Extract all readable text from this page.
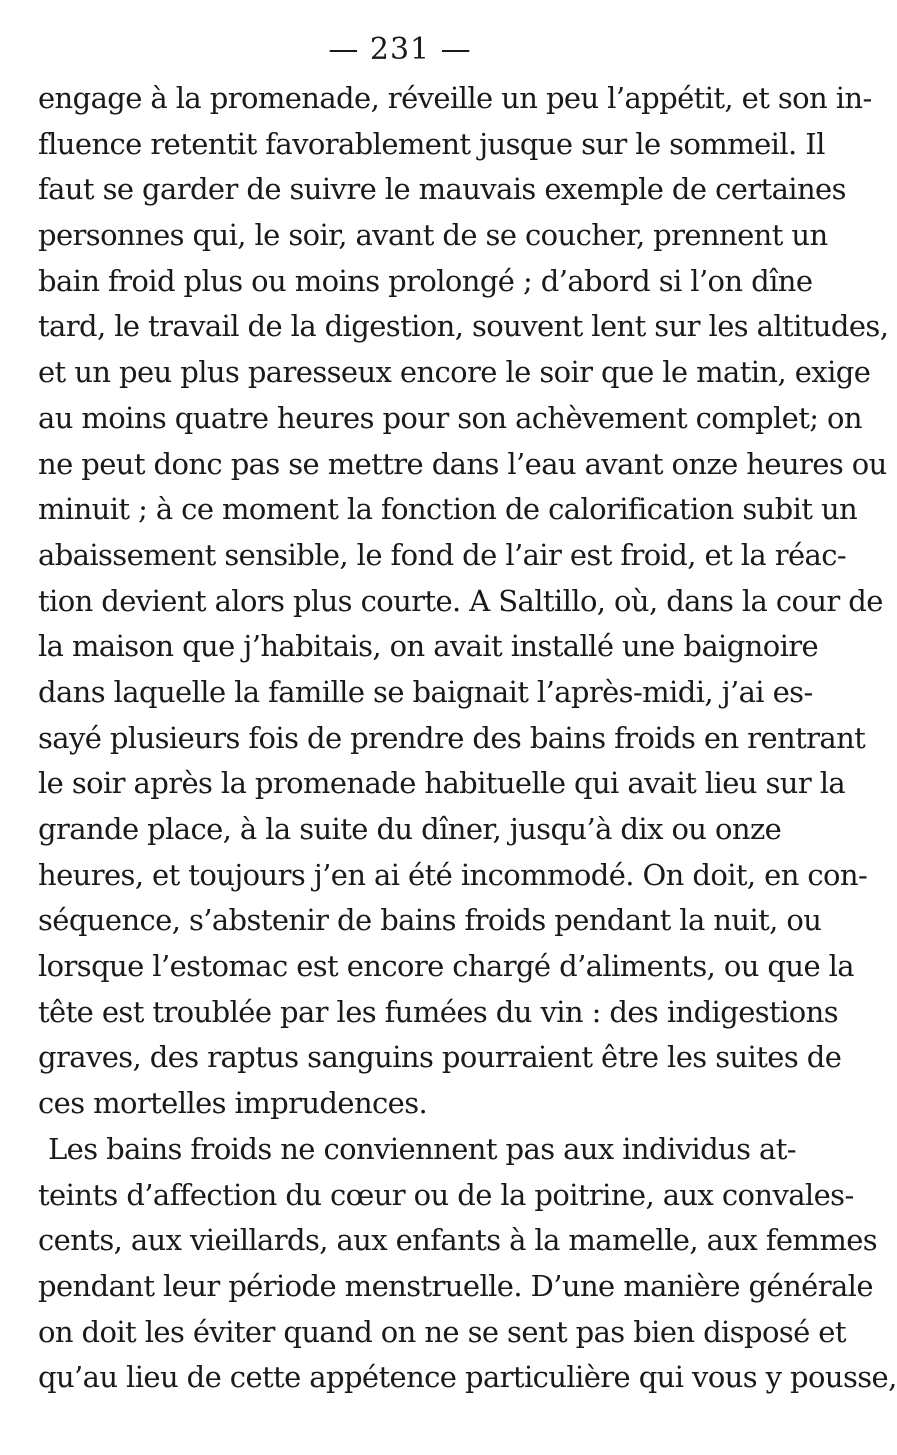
— 231 —
engage à la promenade, réveille un peu l’appétit, et son in-
fluence retentit favorablement jusque sur le sommeil. Il
faut se garder de suivre le mauvais exemple de certaines
personnes qui, le soir, avant de se coucher, prennent un
bain froid plus ou moins prolongé ; d’abord si l’on dîne
tard, le travail de la digestion, souvent lent sur les altitudes,
et un peu plus paresseux encore le soir que le matin, exige
au moins quatre heures pour son achèvement complet; on
ne peut donc pas se mettre dans l’eau avant onze heures ou
minuit ; à ce moment la fonction de calorification subit un
abaissement sensible, le fond de l’air est froid, et la réac-
tion devient alors plus courte. A Saltillo, où, dans la cour de
la maison que j’habitais, on avait installé une baignoire
dans laquelle la famille se baignait l’après-midi, j’ai es-
sayé plusieurs fois de prendre des bains froids en rentrant
le soir après la promenade habituelle qui avait lieu sur la
grande place, à la suite du dîner, jusqu’à dix ou onze
heures, et toujours j’en ai été incommodé. On doit, en con-
séquence, s’abstenir de bains froids pendant la nuit, ou
lorsque l’estomac est encore chargé d’aliments, ou que la
tête est troublée par les fumées du vin : des indigestions
graves, des raptus sanguins pourraient être les suites de
ces mortelles imprudences.
Les bains froids ne conviennent pas aux individus at-
teints d’affection du cœur ou de la poitrine, aux convales-
cents, aux vieillards, aux enfants à la mamelle, aux femmes
pendant leur période menstruelle. D’une manière générale
on doit les éviter quand on ne se sent pas bien disposé et
qu’au lieu de cette appétence particulière qui vous y pousse,
